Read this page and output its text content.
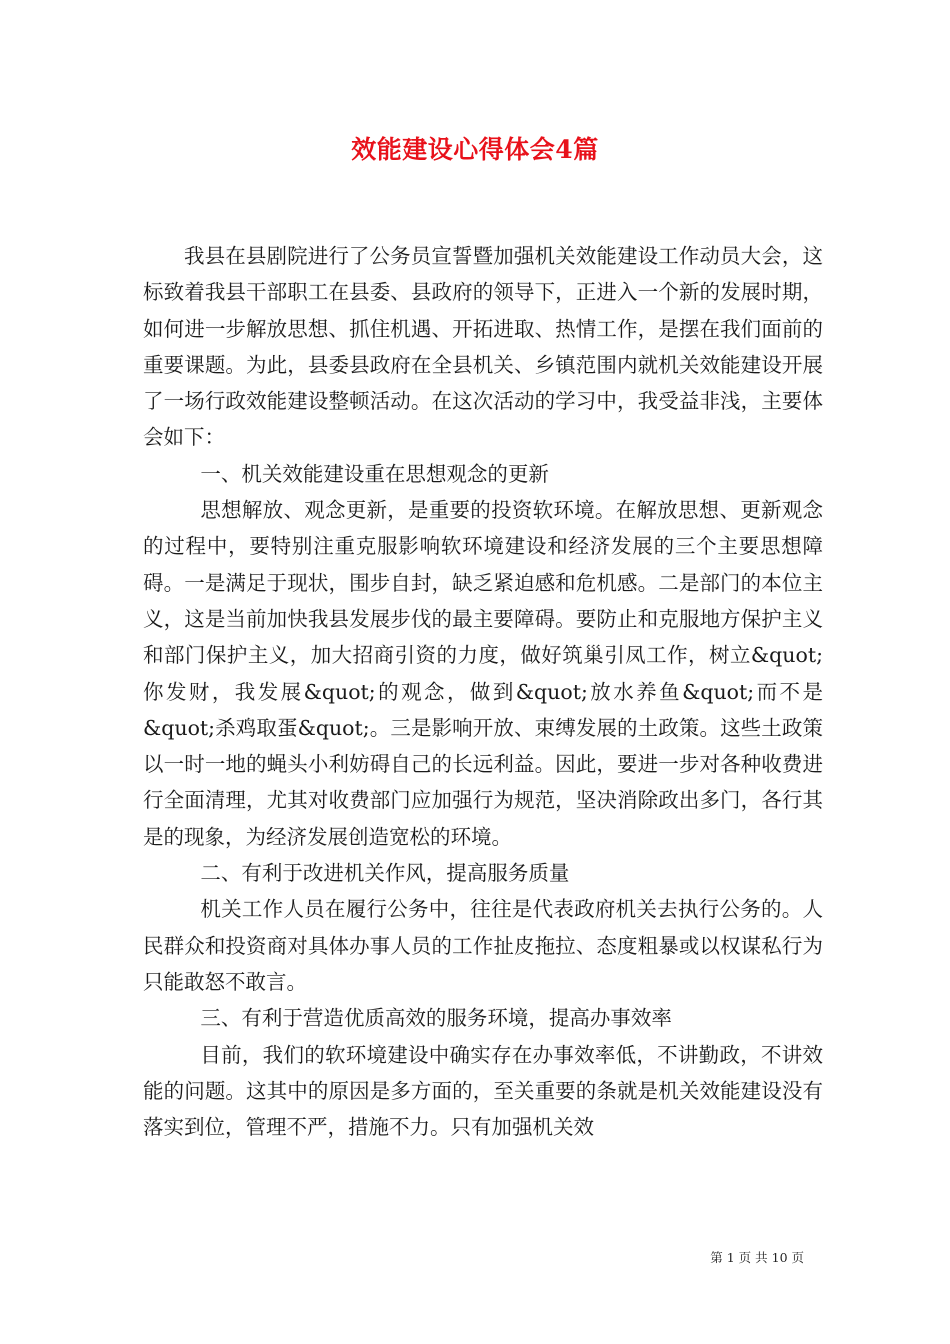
效能建设心得体会4篇

我县在县剧院进行了公务员宣誓暨加强机关效能建设工作动员大会，这标致着我县干部职工在县委、县政府的领导下，正进入一个新的发展时期，如何进一步解放思想、抓住机遇、开拓进取、热情工作，是摆在我们面前的重要课题。为此，县委县政府在全县机关、乡镇范围内就机关效能建设开展了一场行政效能建设整顿活动。在这次活动的学习中，我受益非浅，主要体会如下：

一、机关效能建设重在思想观念的更新

思想解放、观念更新，是重要的投资软环境。在解放思想、更新观念的过程中，要特别注重克服影响软环境建设和经济发展的三个主要思想障碍。一是满足于现状，围步自封，缺乏紧迫感和危机感。二是部门的本位主义，这是当前加快我县发展步伐的最主要障碍。要防止和克服地方保护主义和部门保护主义，加大招商引资的力度，做好筑巢引凤工作，树立&quot;你发财，我发展&quot;的观念，做到&quot;放水养鱼&quot;而不是&quot;杀鸡取蛋&quot;。三是影响开放、束缚发展的土政策。这些土政策以一时一地的蝇头小利妨碍自己的长远利益。因此，要进一步对各种收费进行全面清理，尤其对收费部门应加强行为规范，坚决消除政出多门，各行其是的现象，为经济发展创造宽松的环境。

二、有利于改进机关作风，提高服务质量

机关工作人员在履行公务中，往往是代表政府机关去执行公务的。人民群众和投资商对具体办事人员的工作扯皮拖拉、态度粗暴或以权谋私行为只能敢怒不敢言。

三、有利于营造优质高效的服务环境，提高办事效率

目前，我们的软环境建设中确实存在办事效率低，不讲勤政，不讲效能的问题。这其中的原因是多方面的，至关重要的条就是机关效能建设没有落实到位，管理不严，措施不力。只有加强机关效

第 1 页 共 10 页
